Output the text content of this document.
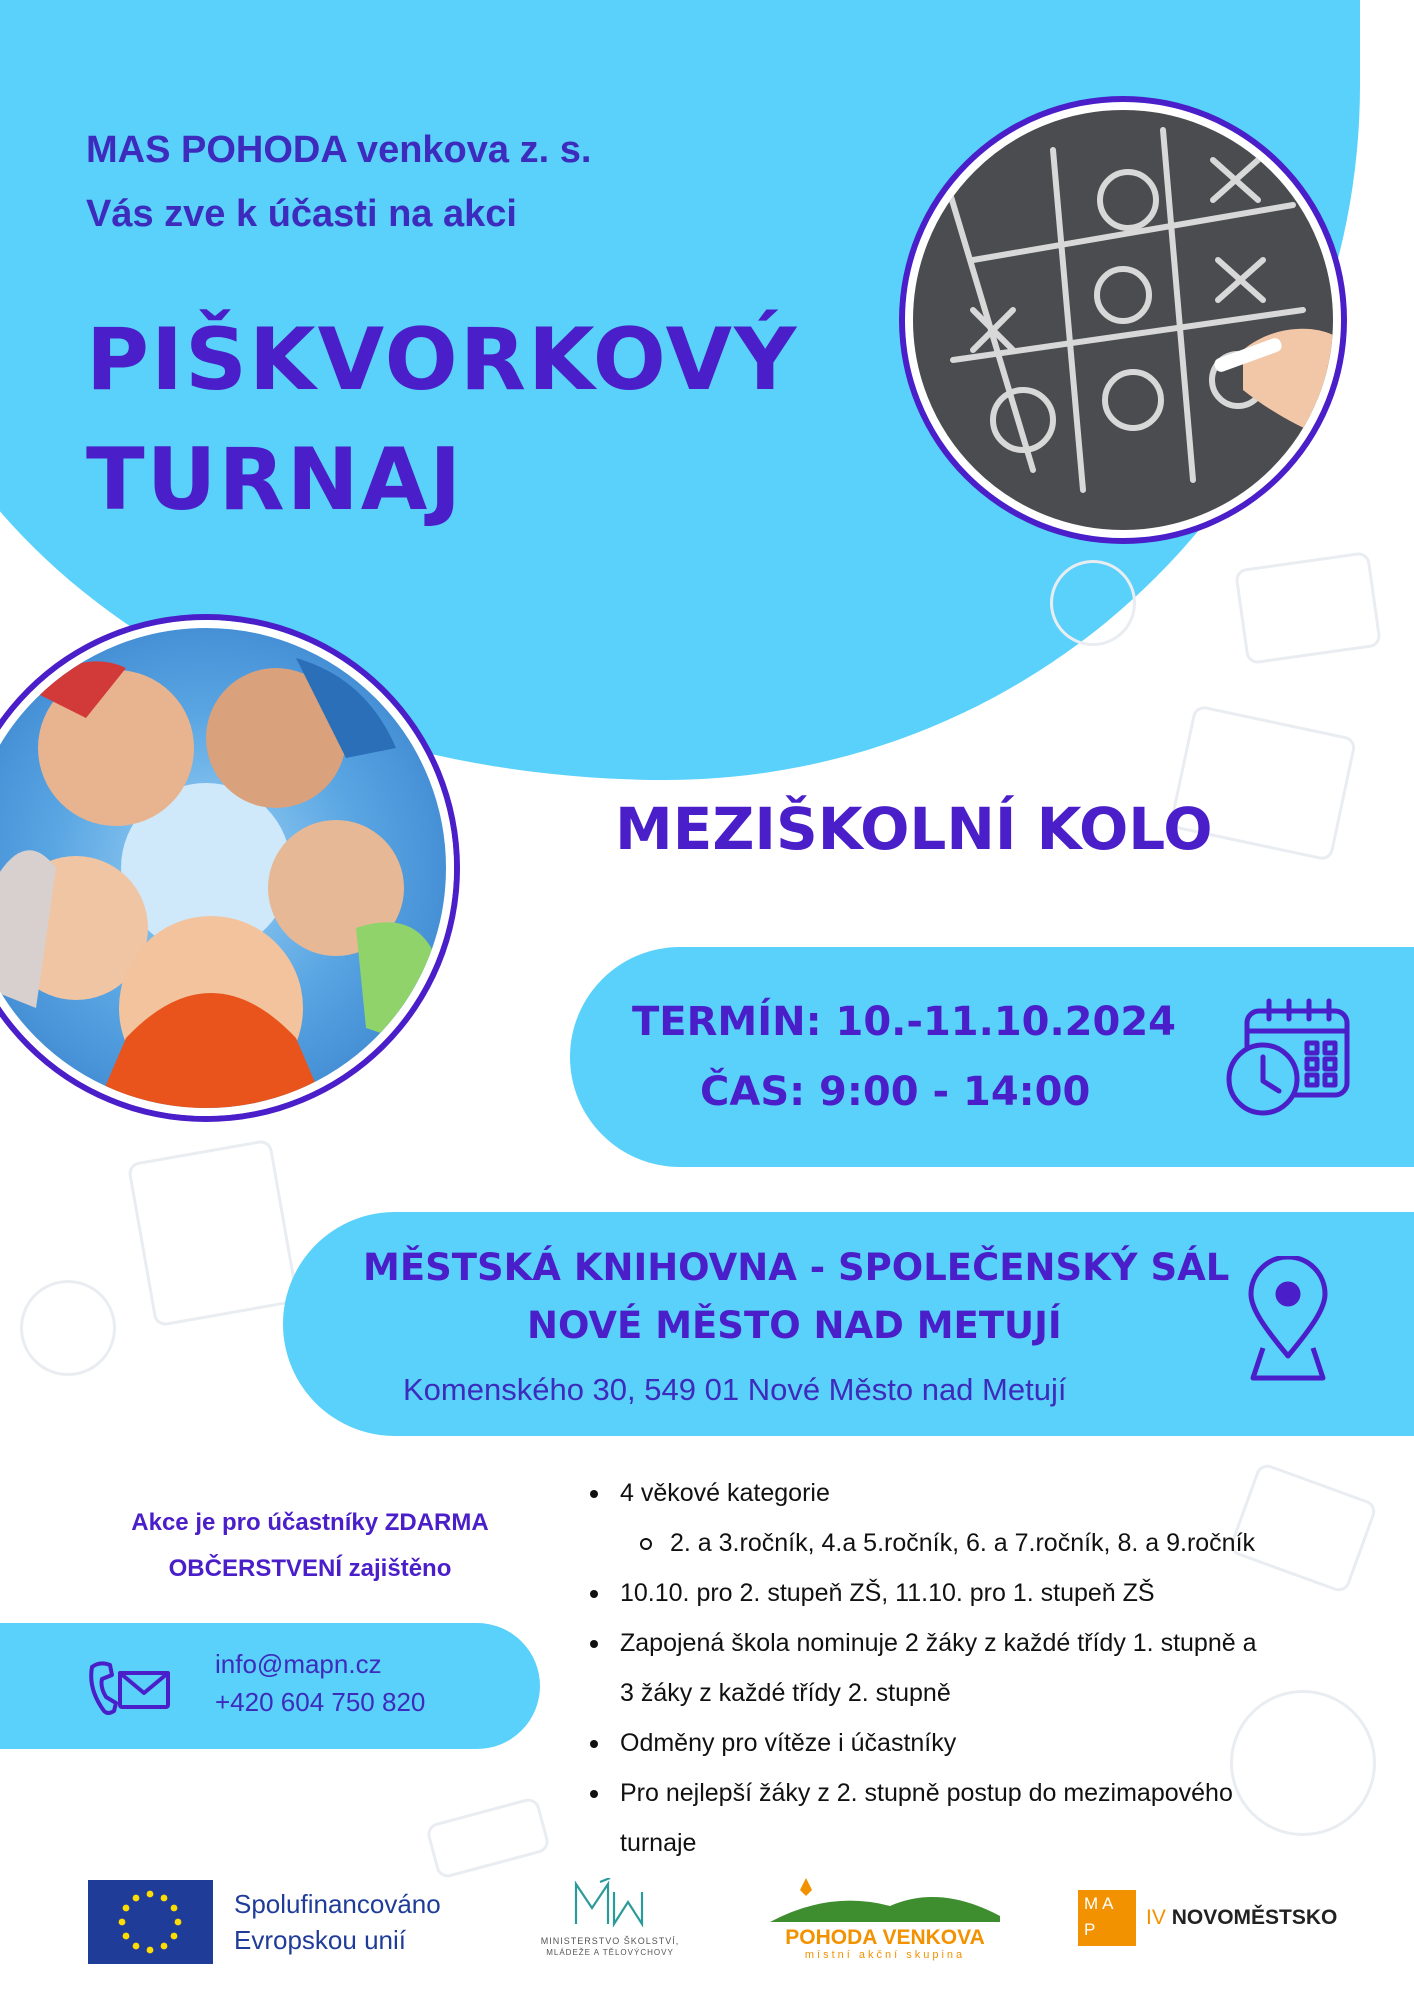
MAS POHODA venkova z. s.
Vás zve k účasti na akci
PIŠKVORKOVÝ
TURNAJ
MEZIŠKOLNÍ KOLO
TERMÍN: 10.-11.10.2024
ČAS: 9:00 - 14:00
MĚSTSKÁ KNIHOVNA - SPOLEČENSKÝ SÁL
NOVÉ MĚSTO NAD METUJÍ
Komenského 30, 549 01 Nové Město nad Metují
Akce je pro účastníky ZDARMA
OBČERSTVENÍ zajištěno
info@mapn.cz
+420 604 750 820
4 věkové kategorie
2. a 3.ročník, 4.a 5.ročník, 6. a 7.ročník, 8. a 9.ročník
10.10. pro 2. stupeň ZŠ, 11.10. pro 1. stupeň ZŠ
Zapojená škola nominuje 2 žáky z každé třídy 1. stupně a
3 žáky z každé třídy 2. stupně
Odměny pro vítěze i účastníky
Pro nejlepší žáky z 2. stupně postup do mezimapového
turnaje
Spolufinancováno
Evropskou unií	MINISTERSTVO ŠKOLSTVÍ,
MLÁDEŽE A TĚLOVÝCHOVY
POHODA VENKOVA
místní akční skupina
MA
P
IV NOVOMĚSTSKO
